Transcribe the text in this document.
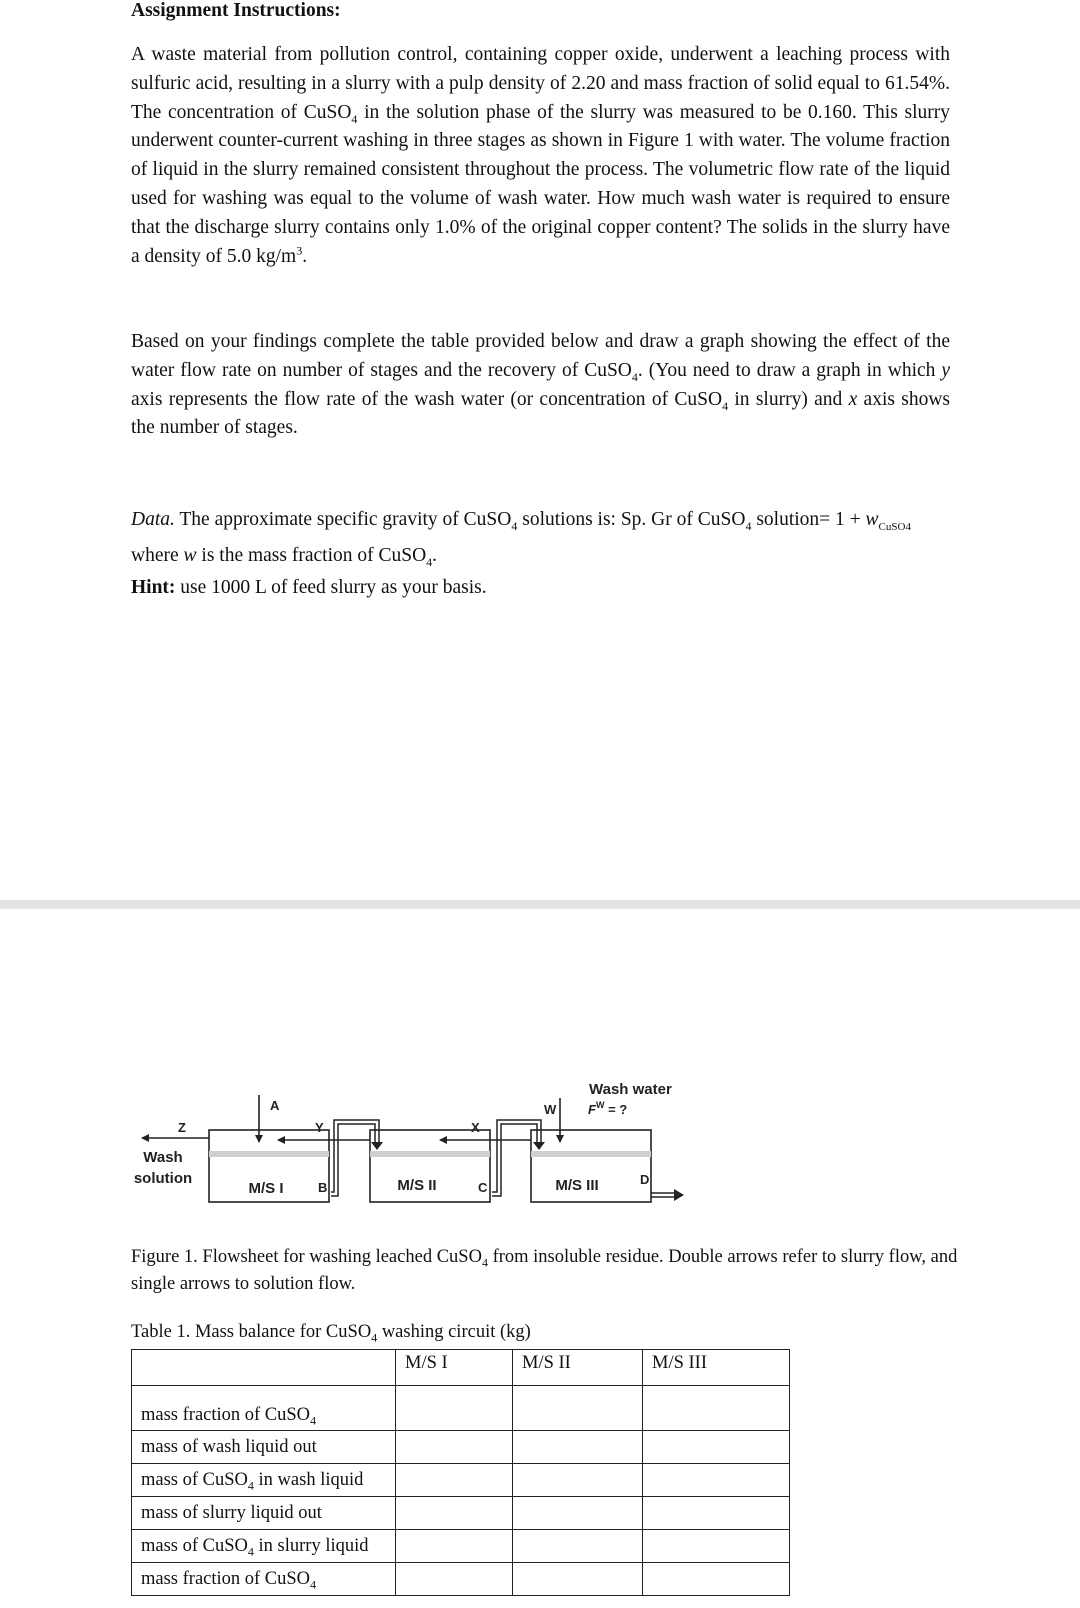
Assignment Instructions:

A waste material from pollution control, containing copper oxide, underwent a leaching process with sulfuric acid, resulting in a slurry with a pulp density of 2.20 and mass fraction of solid equal to 61.54%. The concentration of CuSO$_4$ in the solution phase of the slurry was measured to be 0.160. This slurry underwent counter-current washing in three stages as shown in Figure 1 with water. The volume fraction of liquid in the slurry remained consistent throughout the process. The volumetric flow rate of the liquid used for washing was equal to the volume of wash water. How much wash water is required to ensure that the discharge slurry contains only 1.0% of the original copper content? The solids in the slurry have a density of 5.0 $kg/m^3$.

Based on your findings complete the table provided below and draw a graph showing the effect of the water flow rate on number of stages and the recovery of CuSO$_4$. (You need to draw a graph in which y axis represents the flow rate of the wash water (or concentration of CuSO$_4$ in slurry) and x axis shows the number of stages.

Data. The approximate specific gravity of CuSO$_4$ solutions is: Sp. Gr of CuSO$_4$ solution= $1 + w_{CuSO4}$
where w is the mass fraction of CuSO$_4$.

Hint: use 1000 L of feed slurry as your basis.

M/S I	M/S II	M/S III
A
Z
Wash
solution
Y
B
X
C
W
Wash water
$F^W$ = ?
D

Figure 1. Flowsheet for washing leached CuSO$_4$ from insoluble residue. Double arrows refer to slurry flow, and single arrows to solution flow.

Table 1. Mass balance for CuSO$_4$ washing circuit (kg)

	M/S I	M/S II	M/S III
mass fraction of CuSO$_4$			
mass of wash liquid out			
mass of CuSO$_4$ in wash liquid			
mass of slurry liquid out			
mass of CuSO$_4$ in slurry liquid			
mass fraction of CuSO$_4$			
